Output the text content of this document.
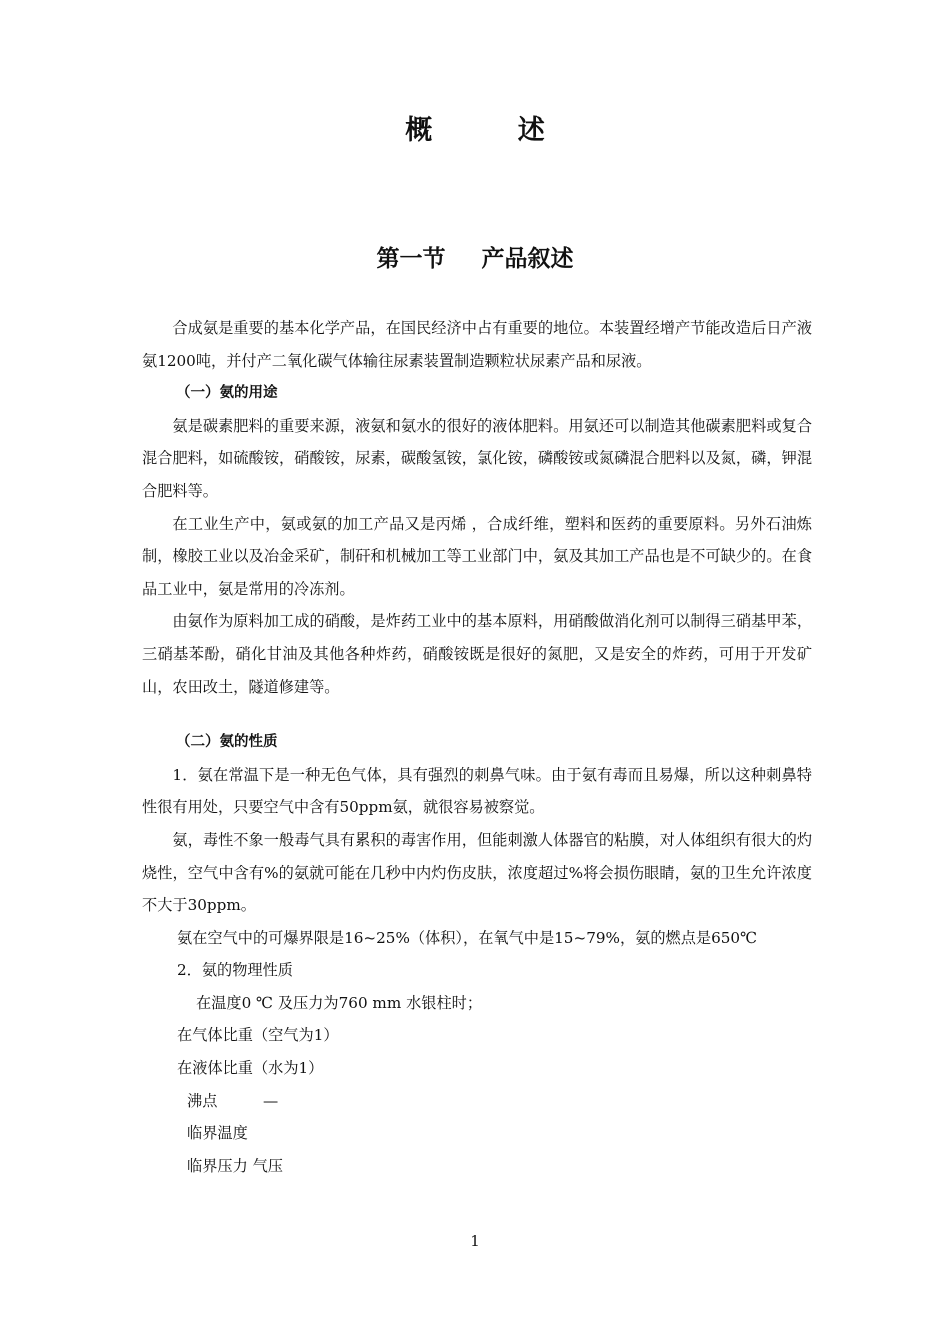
概 述
第一节 产品叙述

合成氨是重要的基本化学产品，在国民经济中占有重要的地位。本装置经增产节能改造后日产液氨1200吨，并付产二氧化碳气体输往尿素装置制造颗粒状尿素产品和尿液。

（一）氨的用途

氨是碳素肥料的重要来源，液氨和氨水的很好的液体肥料。用氨还可以制造其他碳素肥料或复合混合肥料，如硫酸铵，硝酸铵，尿素，碳酸氢铵，氯化铵，磷酸铵或氮磷混合肥料以及氮，磷，钾混合肥料等。

在工业生产中，氨或氨的加工产品又是丙烯 ，合成纤维，塑料和医药的重要原料。另外石油炼制，橡胶工业以及冶金采矿，制矸和机械加工等工业部门中，氨及其加工产品也是不可缺少的。在食品工业中，氨是常用的冷冻剂。

由氨作为原料加工成的硝酸，是炸药工业中的基本原料，用硝酸做消化剂可以制得三硝基甲苯，三硝基苯酚，硝化甘油及其他各种炸药，硝酸铵既是很好的氮肥，又是安全的炸药，可用于开发矿山，农田改土，隧道修建等。

（二）氨的性质

1．氨在常温下是一种无色气体，具有强烈的刺鼻气味。由于氨有毒而且易爆，所以这种刺鼻特性很有用处，只要空气中含有50ppm氨，就很容易被察觉。

氨，毒性不象一般毒气具有累积的毒害作用，但能刺激人体器官的粘膜，对人体组织有很大的灼烧性，空气中含有%的氨就可能在几秒中内灼伤皮肤，浓度超过%将会损伤眼睛，氨的卫生允许浓度不大于30ppm。

氨在空气中的可爆界限是16~25%（体积），在氧气中是15~79%，氨的燃点是650℃

2．氨的物理性质

在温度0 ℃ 及压力为760 mm 水银柱时；

在气体比重（空气为1）

在液体比重（水为1）

沸点　　　—

临界温度

临界压力 气压

1
